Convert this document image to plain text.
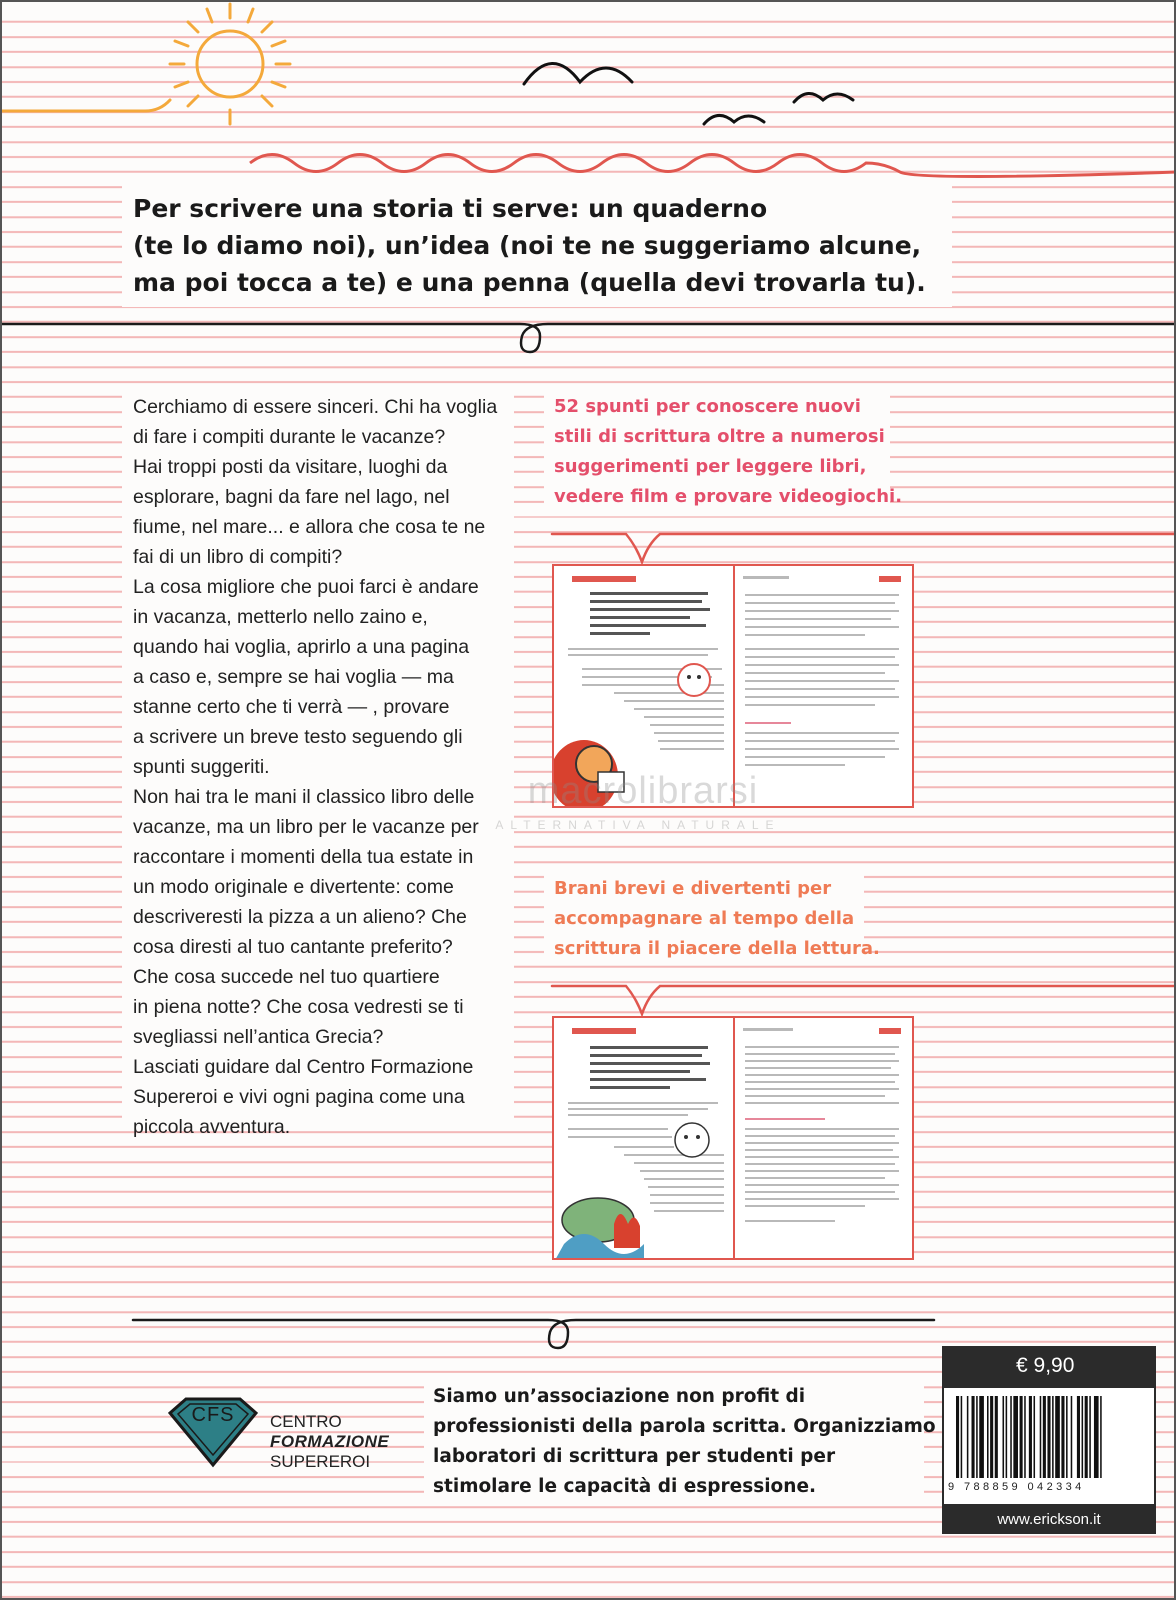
Per scrivere una storia ti serve: un quaderno
(te lo diamo noi), un’idea (noi te ne suggeriamo alcune,
ma poi tocca a te) e una penna (quella devi trovarla tu).

Cerchiamo di essere sinceri. Chi ha voglia
di fare i compiti durante le vacanze?
Hai troppi posti da visitare, luoghi da
esplorare, bagni da fare nel lago, nel
fiume, nel mare... e allora che cosa te ne
fai di un libro di compiti?
La cosa migliore che puoi farci è andare
in vacanza, metterlo nello zaino e,
quando hai voglia, aprirlo a una pagina
a caso e, sempre se hai voglia — ma
stanne certo che ti verrà — , provare
a scrivere un breve testo seguendo gli
spunti suggeriti.
Non hai tra le mani il classico libro delle
vacanze, ma un libro per le vacanze per
raccontare i momenti della tua estate in
un modo originale e divertente: come
descriveresti la pizza a un alieno? Che
cosa diresti al tuo cantante preferito?
Che cosa succede nel tuo quartiere
in piena notte? Che cosa vedresti se ti
svegliassi nell’antica Grecia?
Lasciati guidare dal Centro Formazione
Supereroi e vivi ogni pagina come una
piccola avventura.

52 spunti per conoscere nuovi
stili di scrittura oltre a numerosi
suggerimenti per leggere libri,
vedere film e provare videogiochi.

macrolibrarsi
ALTERNATIVA NATURALE

Brani brevi e divertenti per
accompagnare al tempo della
scrittura il piacere della lettura.

CFS	CENTRO
FORMAZIONE
SUPEREROI
Siamo un’associazione non profit di
professionisti della parola scritta. Organizziamo
laboratori di scrittura per studenti per
stimolare le capacità di espressione.
€ 9,90
9 788859 042334
www.erickson.it
